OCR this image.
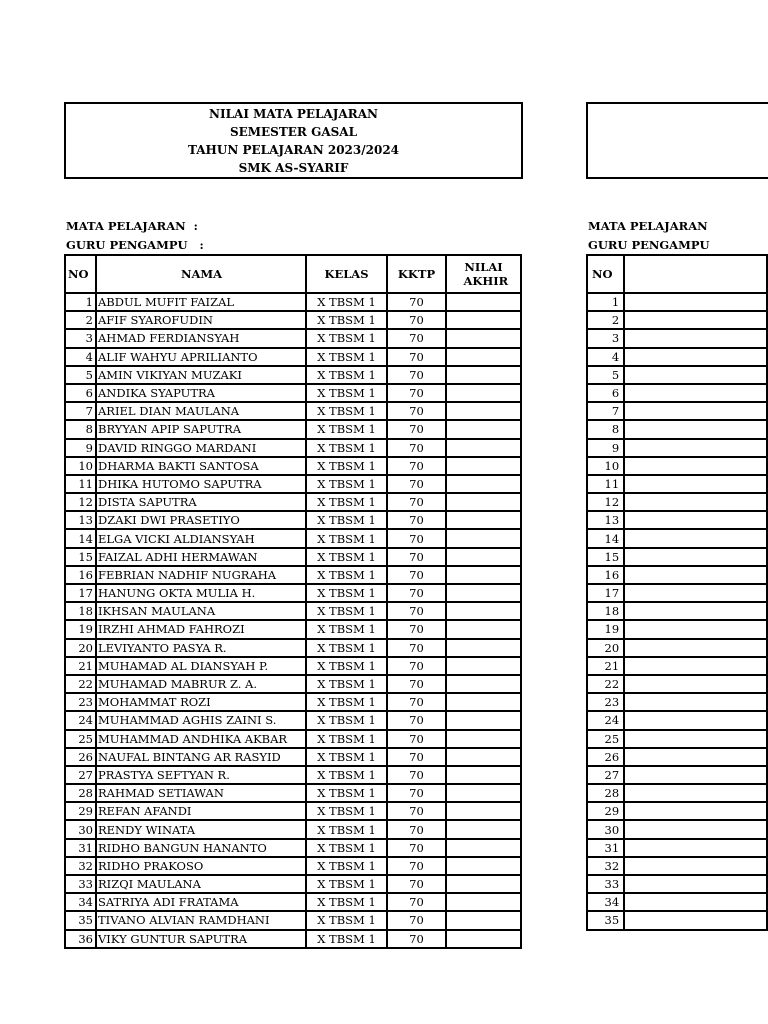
NILAI MATA PELAJARAN
SEMESTER GASAL
TAHUN PELAJARAN 2023/2024
SMK AS-SYARIF
MATA PELAJARAN  :
GURU PENGAMPU   :
MATA PELAJARAN
GURU PENGAMPU
NO	NAMA	KELAS	KKTP	NILAI AKHIR
1	ABDUL MUFIT FAIZAL	X TBSM 1	70	
2	AFIF SYAROFUDIN	X TBSM 1	70	
3	AHMAD FERDIANSYAH	X TBSM 1	70	
4	ALIF WAHYU APRILIANTO	X TBSM 1	70	
5	AMIN VIKIYAN MUZAKI	X TBSM 1	70	
6	ANDIKA SYAPUTRA	X TBSM 1	70	
7	ARIEL DIAN MAULANA	X TBSM 1	70	
8	BRYYAN APIP SAPUTRA	X TBSM 1	70	
9	DAVID RINGGO MARDANI	X TBSM 1	70	
10	DHARMA BAKTI SANTOSA	X TBSM 1	70	
11	DHIKA HUTOMO SAPUTRA	X TBSM 1	70	
12	DISTA SAPUTRA	X TBSM 1	70	
13	DZAKI DWI PRASETIYO	X TBSM 1	70	
14	ELGA VICKI ALDIANSYAH	X TBSM 1	70	
15	FAIZAL ADHI HERMAWAN	X TBSM 1	70	
16	FEBRIAN NADHIF NUGRAHA	X TBSM 1	70	
17	HANUNG OKTA MULIA H.	X TBSM 1	70	
18	IKHSAN MAULANA	X TBSM 1	70	
19	IRZHI AHMAD FAHROZI	X TBSM 1	70	
20	LEVIYANTO PASYA R.	X TBSM 1	70	
21	MUHAMAD AL DIANSYAH P.	X TBSM 1	70	
22	MUHAMAD MABRUR Z. A.	X TBSM 1	70	
23	MOHAMMAT ROZI	X TBSM 1	70	
24	MUHAMMAD AGHIS ZAINI S.	X TBSM 1	70	
25	MUHAMMAD ANDHIKA AKBAR	X TBSM 1	70	
26	NAUFAL BINTANG AR RASYID	X TBSM 1	70	
27	PRASTYA SEFTYAN R.	X TBSM 1	70	
28	RAHMAD SETIAWAN	X TBSM 1	70	
29	REFAN AFANDI	X TBSM 1	70	
30	RENDY WINATA	X TBSM 1	70	
31	RIDHO BANGUN HANANTO	X TBSM 1	70	
32	RIDHO PRAKOSO	X TBSM 1	70	
33	RIZQI MAULANA	X TBSM 1	70	
34	SATRIYA ADI FRATAMA	X TBSM 1	70	
35	TIVANO ALVIAN RAMDHANI	X TBSM 1	70	
36	VIKY GUNTUR SAPUTRA	X TBSM 1	70	
NO	
1	
2	
3	
4	
5	
6	
7	
8	
9	
10	
11	
12	
13	
14	
15	
16	
17	
18	
19	
20	
21	
22	
23	
24	
25	
26	
27	
28	
29	
30	
31	
32	
33	
34	
35	
